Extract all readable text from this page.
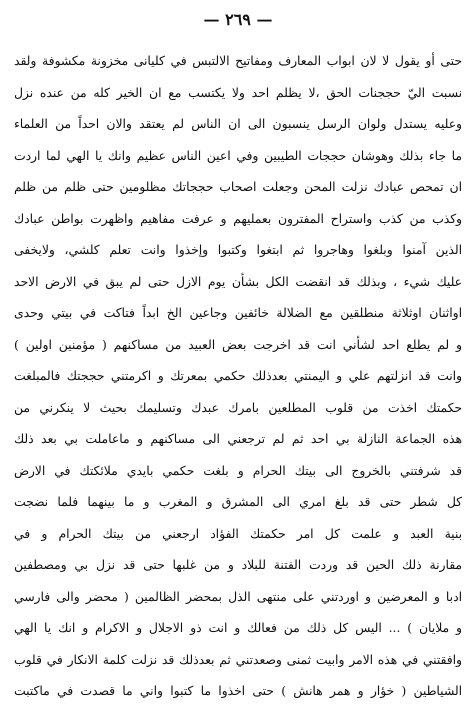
— ٢٦٩ —
حتى أو يقول لا لان ابواب المعارف ومفاتيح الالتبس في كليانى مخزونة مكشوفة ولقد
نسبت اليّ حججنات الحق ،لا يظلم احد ولا يكتسب مع ان الخير كله من عنده نزل
وعليه يستدل ولوان الرسل ينسبون الى ان الناس لم يعتقد والان احداً من العلماء
ما جاء بذلك وهوشان حججات الطيبين وفي اعين الناس عظيم وانك يا الهي لما اردت
ان تمحص عبادك نزلت المحن وجعلت اصحاب حججاتك مظلومين حتى ظلم من ظلم
وكذب من كذب واستراح المفترون بعمليهم و عرفت مفاهيم واظهرت بواطن عبادك
الذين آمنوا وبلغوا وهاجروا ثم ابتغوا وكتبوا وإخذوا وانت تعلم كلشي، ولايخفى
عليك شيء ، وبذلك قد انقضت الكل بشأن يوم الازل حتى لم يبق في الارض الاحد
اواثنان اوثلاثة منطلقين مع الضلالة خائفين وجاعين الخ ابداً فتاكت في بيتي وحدى
و لم يطلع احد لشأني انت قد اخرجت بعض العبيد من مساكنهم ( مؤمنين اولين )
وانت قد انزلتهم علي و اليمنتي بعدذلك حكمي بمعرتك و اكرمتني حججتك فالمبلغت
حكمتك اخذت من قلوب المطلعين بامرك عبدك وتسليمك بحيث لا ينكرني من
هذه الجماعة النازلة بي احد ثم لم ترجعني الى مساكنهم و ماعاملت بي بعد ذلك
قد شرفتني بالخروج الى بيتك الحرام و بلغت حكمي بايدي ملائكتك في الارض
كل شطر حتى قد بلغ امري الى المشرق و المغرب و ما بينهما فلما نضجت
بنية العبد و علمت كل امر حكمتك الفؤاد ارجعني من بيتك الحرام و في
مقارنة ذلك الحين قد وردت الفتنة للبلاد و من غلبها حتى قد نزل بي ومصطفين
ادبا و المعرضين و اوردتني على منتهى الذل بمحضر الظالمين ( محضر والى فارسي
و ملايان ) ... اليس كل ذلك من فعالك و انت ذو الاجلال و الاكرام و انك يا الهي
وافقتني في هذه الامر وابيت ثمنى وصعدتني ثم بعدذلك قد نزلت كلمة الانكار في قلوب
الشياطين ( خؤار و همر هانش ) حتى اخذوا ما كتبوا واني ما قصدت في ماكتبت
